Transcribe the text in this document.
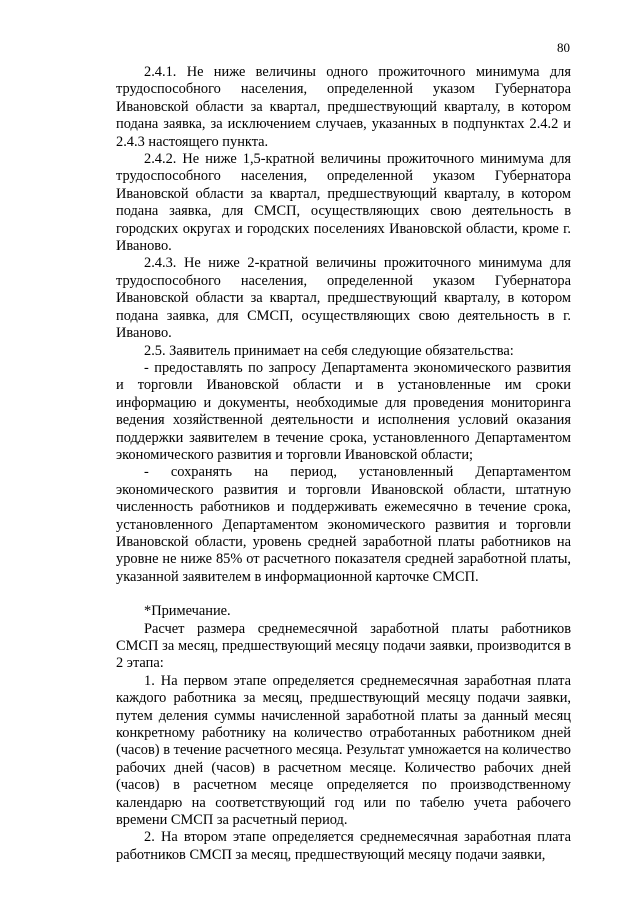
80

2.4.1. Не ниже величины одного прожиточного минимума для трудоспособного населения, определенной указом Губернатора Ивановской области за квартал, предшествующий кварталу, в котором подана заявка, за исключением случаев, указанных в подпунктах 2.4.2 и 2.4.3 настоящего пункта.

2.4.2. Не ниже 1,5-кратной величины прожиточного минимума для трудоспособного населения, определенной указом Губернатора Ивановской области за квартал, предшествующий кварталу, в котором подана заявка, для СМСП, осуществляющих свою деятельность в городских округах и городских поселениях Ивановской области, кроме г. Иваново.

2.4.3. Не ниже 2-кратной величины прожиточного минимума для трудоспособного населения, определенной указом Губернатора Ивановской области за квартал, предшествующий кварталу, в котором подана заявка, для СМСП, осуществляющих свою деятельность в г. Иваново.

2.5. Заявитель принимает на себя следующие обязательства:

- предоставлять по запросу Департамента экономического развития и торговли Ивановской области и в установленные им сроки информацию и документы, необходимые для проведения мониторинга ведения хозяйственной деятельности и исполнения условий оказания поддержки заявителем в течение срока, установленного Департаментом экономического развития и торговли Ивановской области;

- сохранять на период, установленный Департаментом экономического развития и торговли Ивановской области, штатную численность работников и поддерживать ежемесячно в течение срока, установленного Департаментом экономического развития и торговли Ивановской области, уровень средней заработной платы работников на уровне не ниже 85% от расчетного показателя средней заработной платы, указанной заявителем в информационной карточке СМСП.

*Примечание.

Расчет размера среднемесячной заработной платы работников СМСП за месяц, предшествующий месяцу подачи заявки, производится в 2 этапа:

1. На первом этапе определяется среднемесячная заработная плата каждого работника за месяц, предшествующий месяцу подачи заявки, путем деления суммы начисленной заработной платы за данный месяц конкретному работнику на количество отработанных работником дней (часов) в течение расчетного месяца. Результат умножается на количество рабочих дней (часов) в расчетном месяце. Количество рабочих дней (часов) в расчетном месяце определяется по производственному календарю на соответствующий год или по табелю учета рабочего времени СМСП за расчетный период.

2. На втором этапе определяется среднемесячная заработная плата работников СМСП за месяц, предшествующий месяцу подачи заявки,
